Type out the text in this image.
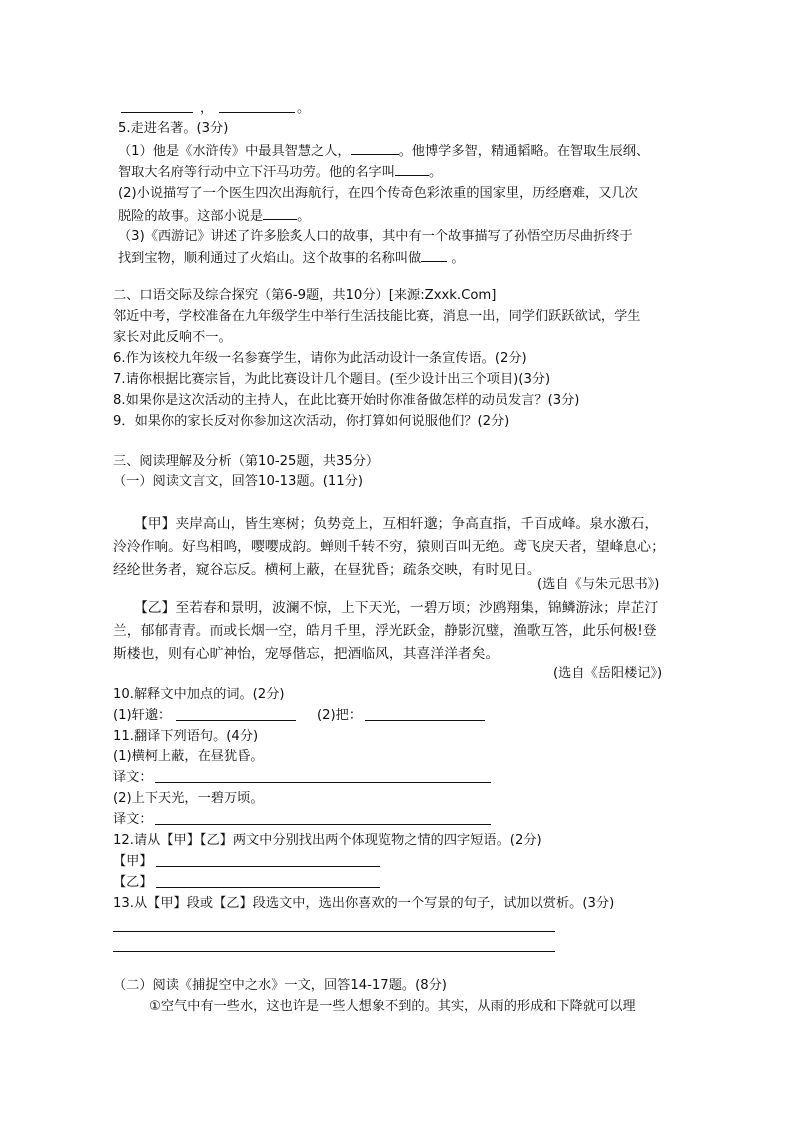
，	。
5.走进名著。(3分)
（1）他是《水浒传》中最具智慧之人，	。他博学多智，精通韬略。在智取生辰纲、
智取大名府等行动中立下汗马功劳。他的名字叫	。
(2)小说描写了一个医生四次出海航行，在四个传奇色彩浓重的国家里，历经磨难，又几次
脱险的故事。这部小说是	。
（3)《西游记》讲述了许多脍炙人口的故事，其中有一个故事描写了孙悟空历尽曲折终于
找到宝物，顺利通过了火焰山。这个故事的名称叫做 。
二、口语交际及综合探究（第6-9题，共10分）[来源:Zxxk.Com]
邻近中考，学校准备在九年级学生中举行生活技能比赛，消息一出，同学们跃跃欲试，学生
家长对此反响不一。
6.作为该校九年级一名参赛学生，请你为此活动设计一条宣传语。(2分)
7.请你根据比赛宗旨，为此比赛设计几个题目。(至少设计出三个项目)(3分)
8.如果你是这次活动的主持人，在此比赛开始时你准备做怎样的动员发言？(3分)
9．如果你的家长反对你参加这次活动，你打算如何说服他们？(2分)
三、阅读理解及分析（第10-25题，共35分）
（一）阅读文言文，回答10-13题。(11分)
【甲】夹岸高山，皆生寒树；负势竞上，互相轩邈；争高直指，千百成峰。泉水激石，
泠泠作响。好鸟相鸣，嘤嘤成韵。蝉则千转不穷，猿则百叫无绝。鸢飞戾天者，望峰息心；
经纶世务者，窥谷忘反。横柯上蔽，在昼犹昏；疏条交映，有时见日。
(选自《与朱元思书》)
【乙】至若春和景明，波澜不惊，上下天光，一碧万顷；沙鸥翔集，锦鳞游泳；岸芷汀
兰，郁郁青青。而或长烟一空，皓月千里，浮光跃金，静影沉璧，渔歌互答，此乐何极!登
斯楼也，则有心旷神怡，宠辱偕忘，把酒临风，其喜洋洋者矣。
(选自《岳阳楼记》)
10.解释文中加点的词。(2分)
(1)轩邈：	(2)把：
11.翻译下列语句。(4分)
(1)横柯上蔽，在昼犹昏。
译文：
(2)上下天光，一碧万顷。
译文：
12.请从【甲】【乙】两文中分别找出两个体现览物之情的四字短语。(2分)
【甲】
【乙】
13.从【甲】段或【乙】段选文中，选出你喜欢的一个写景的句子，试加以赏析。(3分)
（二）阅读《捕捉空中之水》一文，回答14-17题。(8分)
①空气中有一些水，这也许是一些人想象不到的。其实，从雨的形成和下降就可以理
